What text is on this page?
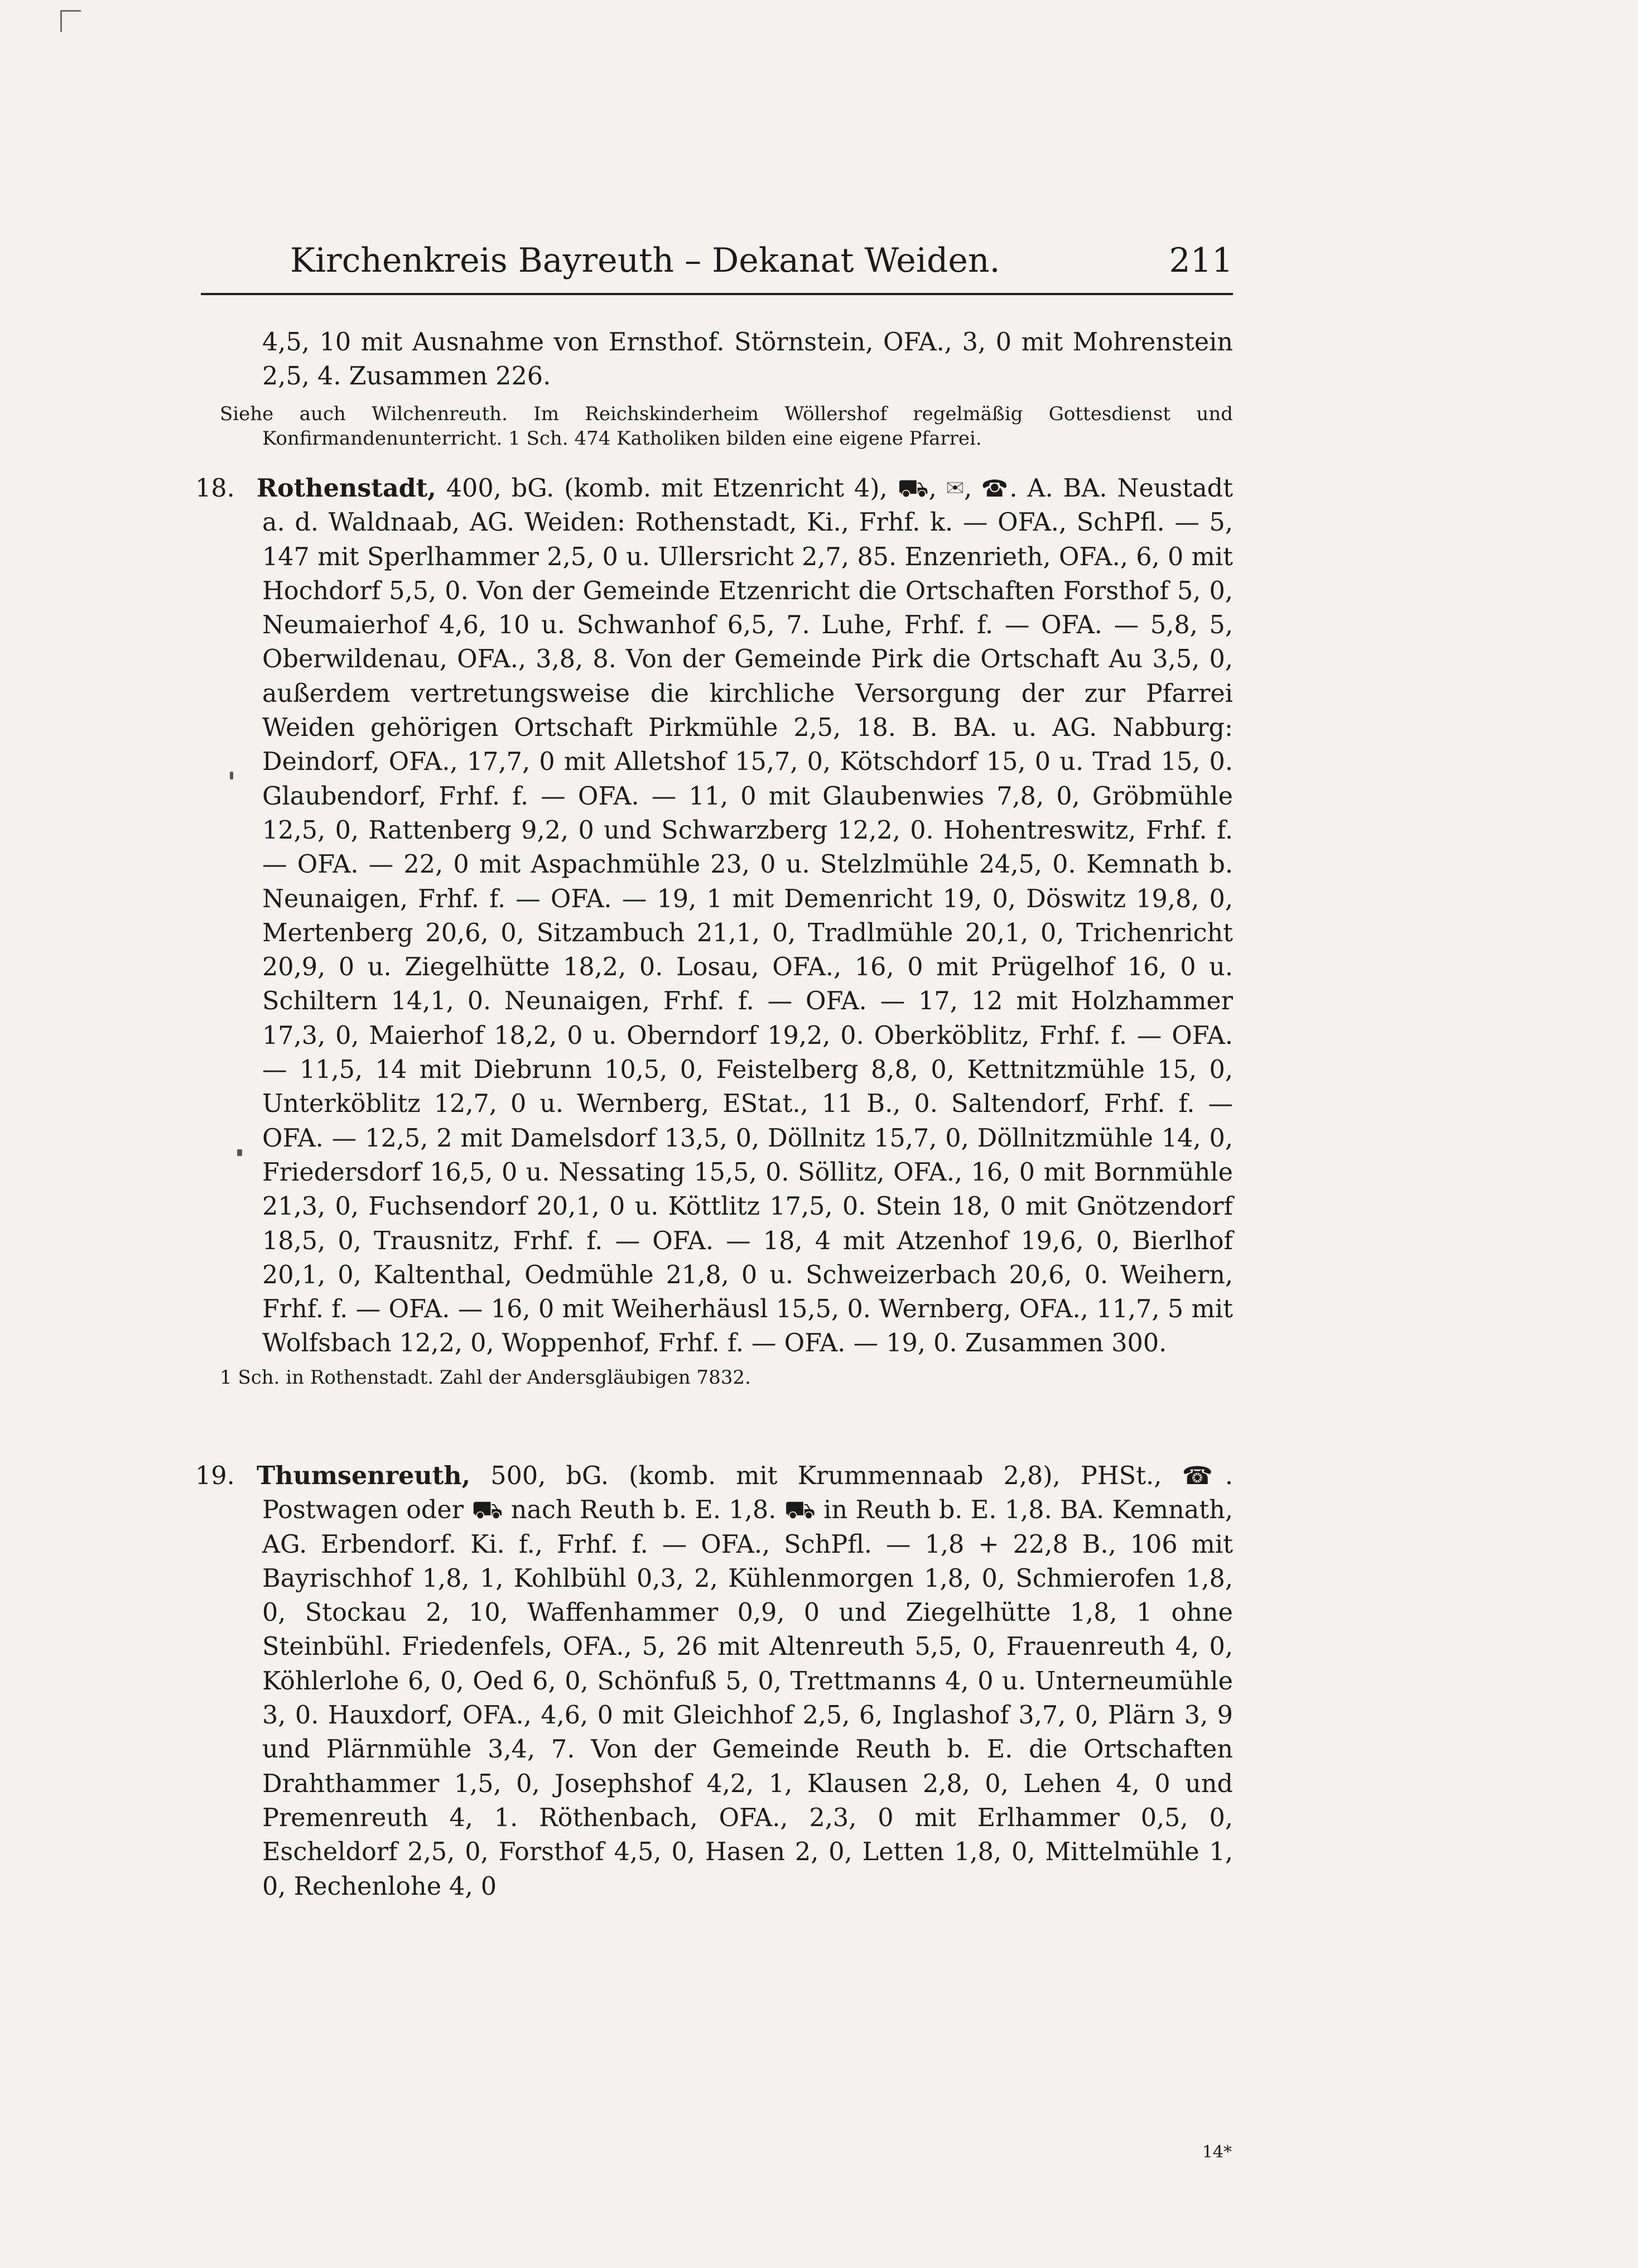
Kirchenkreis Bayreuth – Dekanat Weiden.	211
4,5, 10 mit Ausnahme von Ernsthof. Störnstein, OFA., 3, 0 mit Mohrenstein 2,5, 4. Zusammen 226.
Siehe auch Wilchenreuth. Im Reichskinderheim Wöllershof regelmäßig Gottesdienst und Konfirmandenunterricht. 1 Sch. 474 Katholiken bilden eine eigene Pfarrei.
18. Rothenstadt, 400, bG. (komb. mit Etzenricht 4), ⛟, ✉, ☎. A. BA. Neustadt a. d. Waldnaab, AG. Weiden: Rothenstadt, Ki., Frhf. k. — OFA., SchPfl. — 5, 147 mit Sperlhammer 2,5, 0 u. Ullersricht 2,7, 85. Enzenrieth, OFA., 6, 0 mit Hochdorf 5,5, 0. Von der Gemeinde Etzenricht die Ortschaften Forsthof 5, 0, Neumaierhof 4,6, 10 u. Schwanhof 6,5, 7. Luhe, Frhf. f. — OFA. — 5,8, 5, Oberwildenau, OFA., 3,8, 8. Von der Gemeinde Pirk die Ortschaft Au 3,5, 0, außerdem vertretungsweise die kirchliche Versorgung der zur Pfarrei Weiden gehörigen Ortschaft Pirkmühle 2,5, 18. B. BA. u. AG. Nabburg: Deindorf, OFA., 17,7, 0 mit Alletshof 15,7, 0, Kötschdorf 15, 0 u. Trad 15, 0. Glaubendorf, Frhf. f. — OFA. — 11, 0 mit Glaubenwies 7,8, 0, Gröbmühle 12,5, 0, Rattenberg 9,2, 0 und Schwarzberg 12,2, 0. Hohentreswitz, Frhf. f. — OFA. — 22, 0 mit Aspachmühle 23, 0 u. Stelzlmühle 24,5, 0. Kemnath b. Neunaigen, Frhf. f. — OFA. — 19, 1 mit Demenricht 19, 0, Döswitz 19,8, 0, Mertenberg 20,6, 0, Sitzambuch 21,1, 0, Tradlmühle 20,1, 0, Trichenricht 20,9, 0 u. Ziegelhütte 18,2, 0. Losau, OFA., 16, 0 mit Prügelhof 16, 0 u. Schiltern 14,1, 0. Neunaigen, Frhf. f. — OFA. — 17, 12 mit Holzhammer 17,3, 0, Maierhof 18,2, 0 u. Oberndorf 19,2, 0. Oberköblitz, Frhf. f. — OFA. — 11,5, 14 mit Diebrunn 10,5, 0, Feistelberg 8,8, 0, Kettnitzmühle 15, 0, Unterköblitz 12,7, 0 u. Wernberg, EStat., 11 B., 0. Saltendorf, Frhf. f. — OFA. — 12,5, 2 mit Damelsdorf 13,5, 0, Döllnitz 15,7, 0, Döllnitzmühle 14, 0, Friedersdorf 16,5, 0 u. Nessating 15,5, 0. Söllitz, OFA., 16, 0 mit Bornmühle 21,3, 0, Fuchsendorf 20,1, 0 u. Köttlitz 17,5, 0. Stein 18, 0 mit Gnötzendorf 18,5, 0, Trausnitz, Frhf. f. — OFA. — 18, 4 mit Atzenhof 19,6, 0, Bierlhof 20,1, 0, Kaltenthal, Oedmühle 21,8, 0 u. Schweizerbach 20,6, 0. Weihern, Frhf. f. — OFA. — 16, 0 mit Weiherhäusl 15,5, 0. Wernberg, OFA., 11,7, 5 mit Wolfsbach 12,2, 0, Woppenhof, Frhf. f. — OFA. — 19, 0. Zusammen 300.
1 Sch. in Rothenstadt. Zahl der Andersgläubigen 7832.
19. Thumsenreuth, 500, bG. (komb. mit Krummennaab 2,8), PHSt., ☎. Postwagen oder ⛟ nach Reuth b. E. 1,8. ⛟ in Reuth b. E. 1,8. BA. Kemnath, AG. Erbendorf. Ki. f., Frhf. f. — OFA., SchPfl. — 1,8 + 22,8 B., 106 mit Bayrischhof 1,8, 1, Kohlbühl 0,3, 2, Kühlenmorgen 1,8, 0, Schmierofen 1,8, 0, Stockau 2, 10, Waffenhammer 0,9, 0 und Ziegelhütte 1,8, 1 ohne Steinbühl. Friedenfels, OFA., 5, 26 mit Altenreuth 5,5, 0, Frauenreuth 4, 0, Köhlerlohe 6, 0, Oed 6, 0, Schönfuß 5, 0, Trettmanns 4, 0 u. Unterneumühle 3, 0. Hauxdorf, OFA., 4,6, 0 mit Gleichhof 2,5, 6, Inglashof 3,7, 0, Plärn 3, 9 und Plärnmühle 3,4, 7. Von der Gemeinde Reuth b. E. die Ortschaften Drahthammer 1,5, 0, Josephshof 4,2, 1, Klausen 2,8, 0, Lehen 4, 0 und Premenreuth 4, 1. Röthenbach, OFA., 2,3, 0 mit Erlhammer 0,5, 0, Escheldorf 2,5, 0, Forsthof 4,5, 0, Hasen 2, 0, Letten 1,8, 0, Mittelmühle 1, 0, Rechenlohe 4, 0
14*
